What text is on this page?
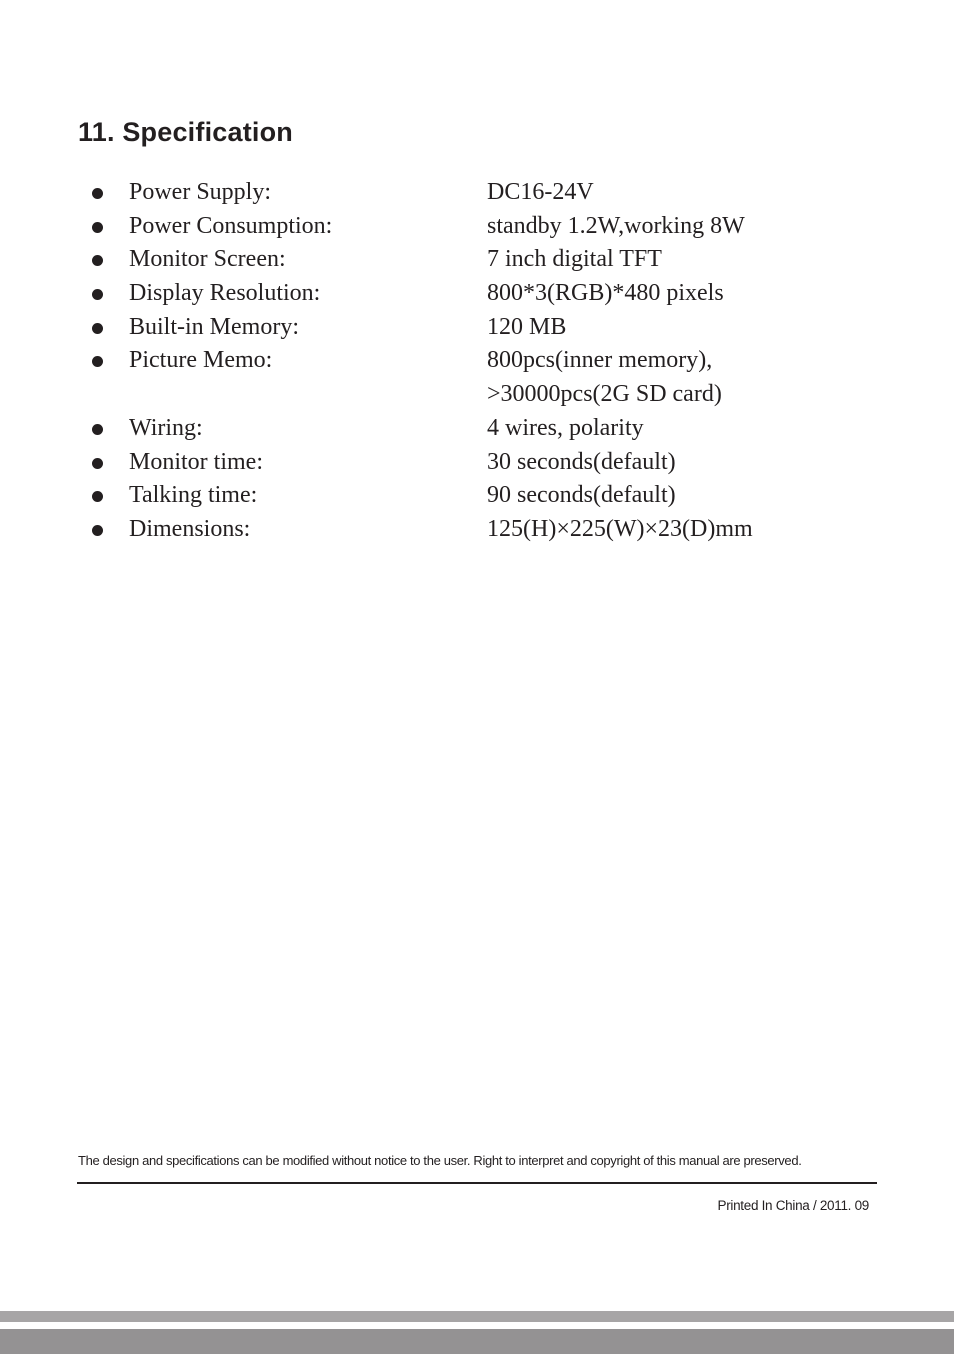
11. Specification
Power Supply:	DC16-24V
Power Consumption:	standby 1.2W,working 8W
Monitor Screen:	7 inch digital TFT
Display Resolution:	800*3(RGB)*480 pixels
Built-in Memory:	120 MB
Picture Memo:	800pcs(inner memory),
>30000pcs(2G SD card)
Wiring:	4 wires, polarity
Monitor time:	30 seconds(default)
Talking time:	90 seconds(default)
Dimensions:	125(H)×225(W)×23(D)mm
The design and specifications can be modified without notice to the user. Right to interpret and copyright of this manual are preserved.
Printed In China / 2011. 09
